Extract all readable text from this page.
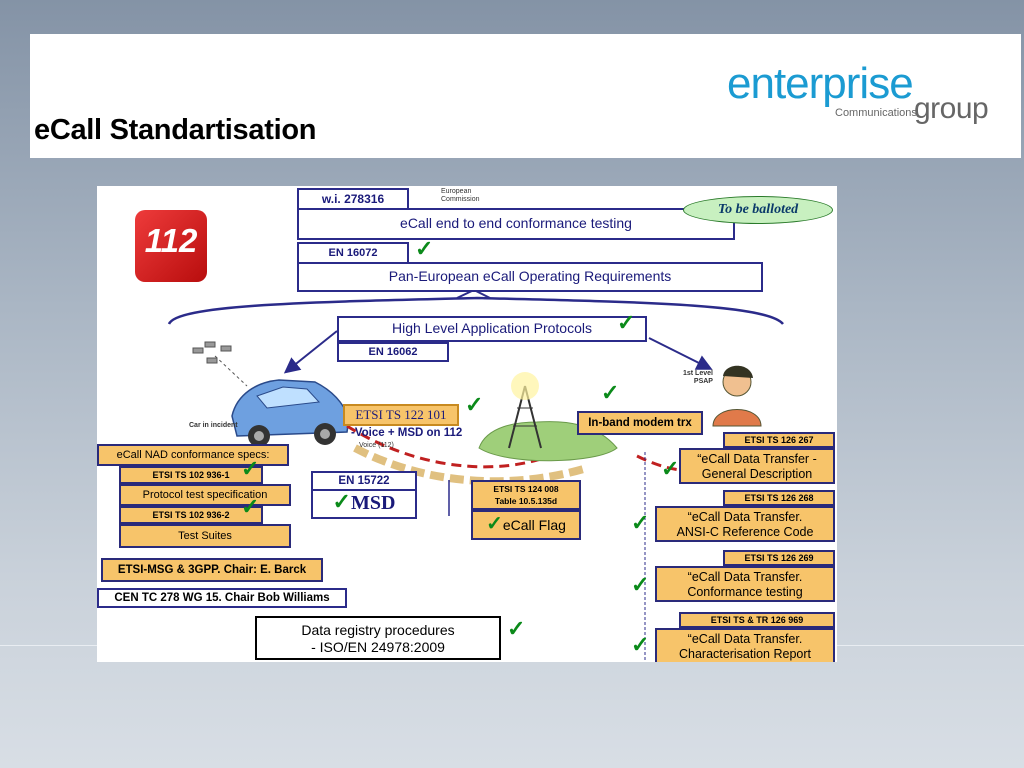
eCall Standartisation
enterprise
Communications
group
112
SOS
w.i. 278316
European
Commission
eCall end to end conformance testing
To be balloted
EN 16072	✓
Pan-European eCall Operating Requirements
High Level Application Protocols	✓
EN 16062
Car in incident
1st Level
PSAP
ETSI TS 122 101 ✓
-Voice + MSD on 112
Voice (112)
In-band modem trx
✓
eCall NAD conformance specs:
ETSI TS 102 936-1 ✓
Protocol test specification
ETSI TS 102 936-2 ✓
Test Suites
ETSI-MSG & 3GPP. Chair: E. Barck
CEN TC 278 WG 15. Chair Bob Williams
EN 15722
✓MSD
ETSI TS 124 008
Table 10.5.135d
✓eCall Flag
Data registry procedures
- ISO/EN 24978:2009
✓
ETSI TS 126 267
✓	“eCall Data Transfer -
General Description
ETSI TS 126 268
✓	“eCall Data Transfer.
ANSI-C Reference Code
ETSI TS 126 269
✓	“eCall Data Transfer.
Conformance testing
ETSI TS & TR 126 969
✓	“eCall Data Transfer.
Characterisation Report
